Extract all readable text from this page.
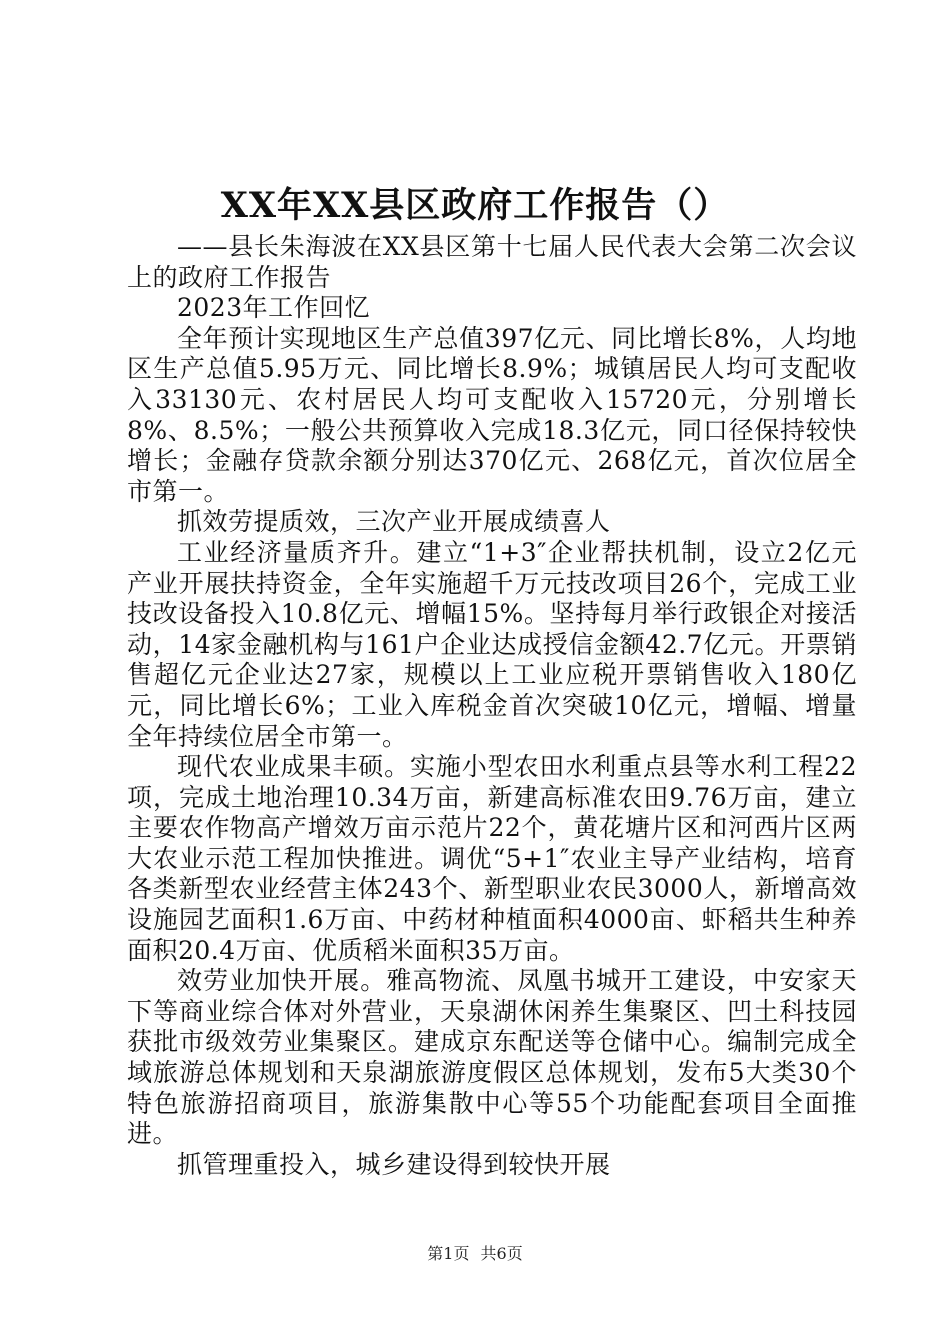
XX年XX县区政府工作报告（）

——县长朱海波在XX县区第十七届人民代表大会第二次会议上的政府工作报告

2023年工作回忆

全年预计实现地区生产总值397亿元、同比增长8%，人均地区生产总值5.95万元、同比增长8.9%；城镇居民人均可支配收入33130元、农村居民人均可支配收入15720元，分别增长8%、8.5%；一般公共预算收入完成18.3亿元，同口径保持较快增长；金融存贷款余额分别达370亿元、268亿元，首次位居全市第一。

抓效劳提质效，三次产业开展成绩喜人

工业经济量质齐升。建立“1+3″企业帮扶机制，设立2亿元产业开展扶持资金，全年实施超千万元技改项目26个，完成工业技改设备投入10.8亿元、增幅15%。坚持每月举行政银企对接活动，14家金融机构与161户企业达成授信金额42.7亿元。开票销售超亿元企业达27家，规模以上工业应税开票销售收入180亿元，同比增长6%；工业入库税金首次突破10亿元，增幅、增量全年持续位居全市第一。

现代农业成果丰硕。实施小型农田水利重点县等水利工程22项，完成土地治理10.34万亩，新建高标准农田9.76万亩，建立主要农作物高产增效万亩示范片22个，黄花塘片区和河西片区两大农业示范工程加快推进。调优“5+1″农业主导产业结构，培育各类新型农业经营主体243个、新型职业农民3000人，新增高效设施园艺面积1.6万亩、中药材种植面积4000亩、虾稻共生种养面积20.4万亩、优质稻米面积35万亩。

效劳业加快开展。雅高物流、凤凰书城开工建设，中安家天下等商业综合体对外营业，天泉湖休闲养生集聚区、凹土科技园获批市级效劳业集聚区。建成京东配送等仓储中心。编制完成全域旅游总体规划和天泉湖旅游度假区总体规划，发布5大类30个特色旅游招商项目，旅游集散中心等55个功能配套项目全面推进。

抓管理重投入，城乡建设得到较快开展

第1页 共6页
